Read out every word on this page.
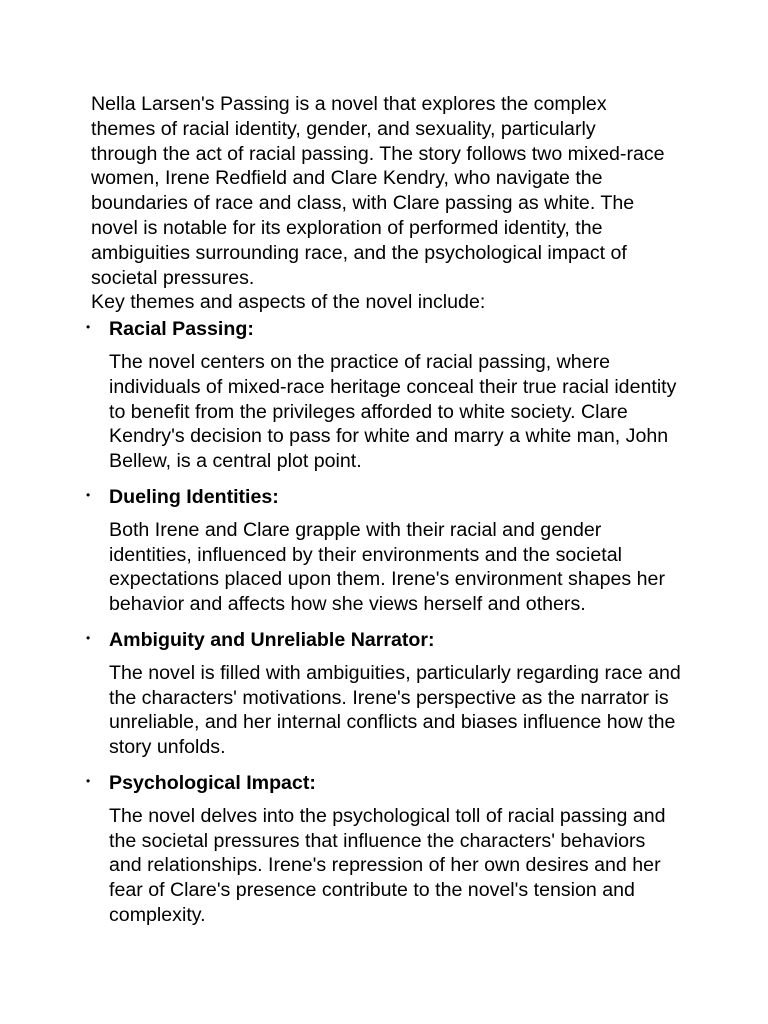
Nella Larsen's Passing is a novel that explores the complex themes of racial identity, gender, and sexuality, particularly through the act of racial passing. The story follows two mixed-race women, Irene Redfield and Clare Kendry, who navigate the boundaries of race and class, with Clare passing as white. The novel is notable for its exploration of performed identity, the ambiguities surrounding race, and the psychological impact of societal pressures.

Key themes and aspects of the novel include:

• Racial Passing:

The novel centers on the practice of racial passing, where individuals of mixed-race heritage conceal their true racial identity to benefit from the privileges afforded to white society. Clare Kendry's decision to pass for white and marry a white man, John Bellew, is a central plot point.

• Dueling Identities:

Both Irene and Clare grapple with their racial and gender identities, influenced by their environments and the societal expectations placed upon them. Irene's environment shapes her behavior and affects how she views herself and others.

• Ambiguity and Unreliable Narrator:

The novel is filled with ambiguities, particularly regarding race and the characters' motivations. Irene's perspective as the narrator is unreliable, and her internal conflicts and biases influence how the story unfolds.

• Psychological Impact:

The novel delves into the psychological toll of racial passing and the societal pressures that influence the characters' behaviors and relationships. Irene's repression of her own desires and her fear of Clare's presence contribute to the novel's tension and complexity.
